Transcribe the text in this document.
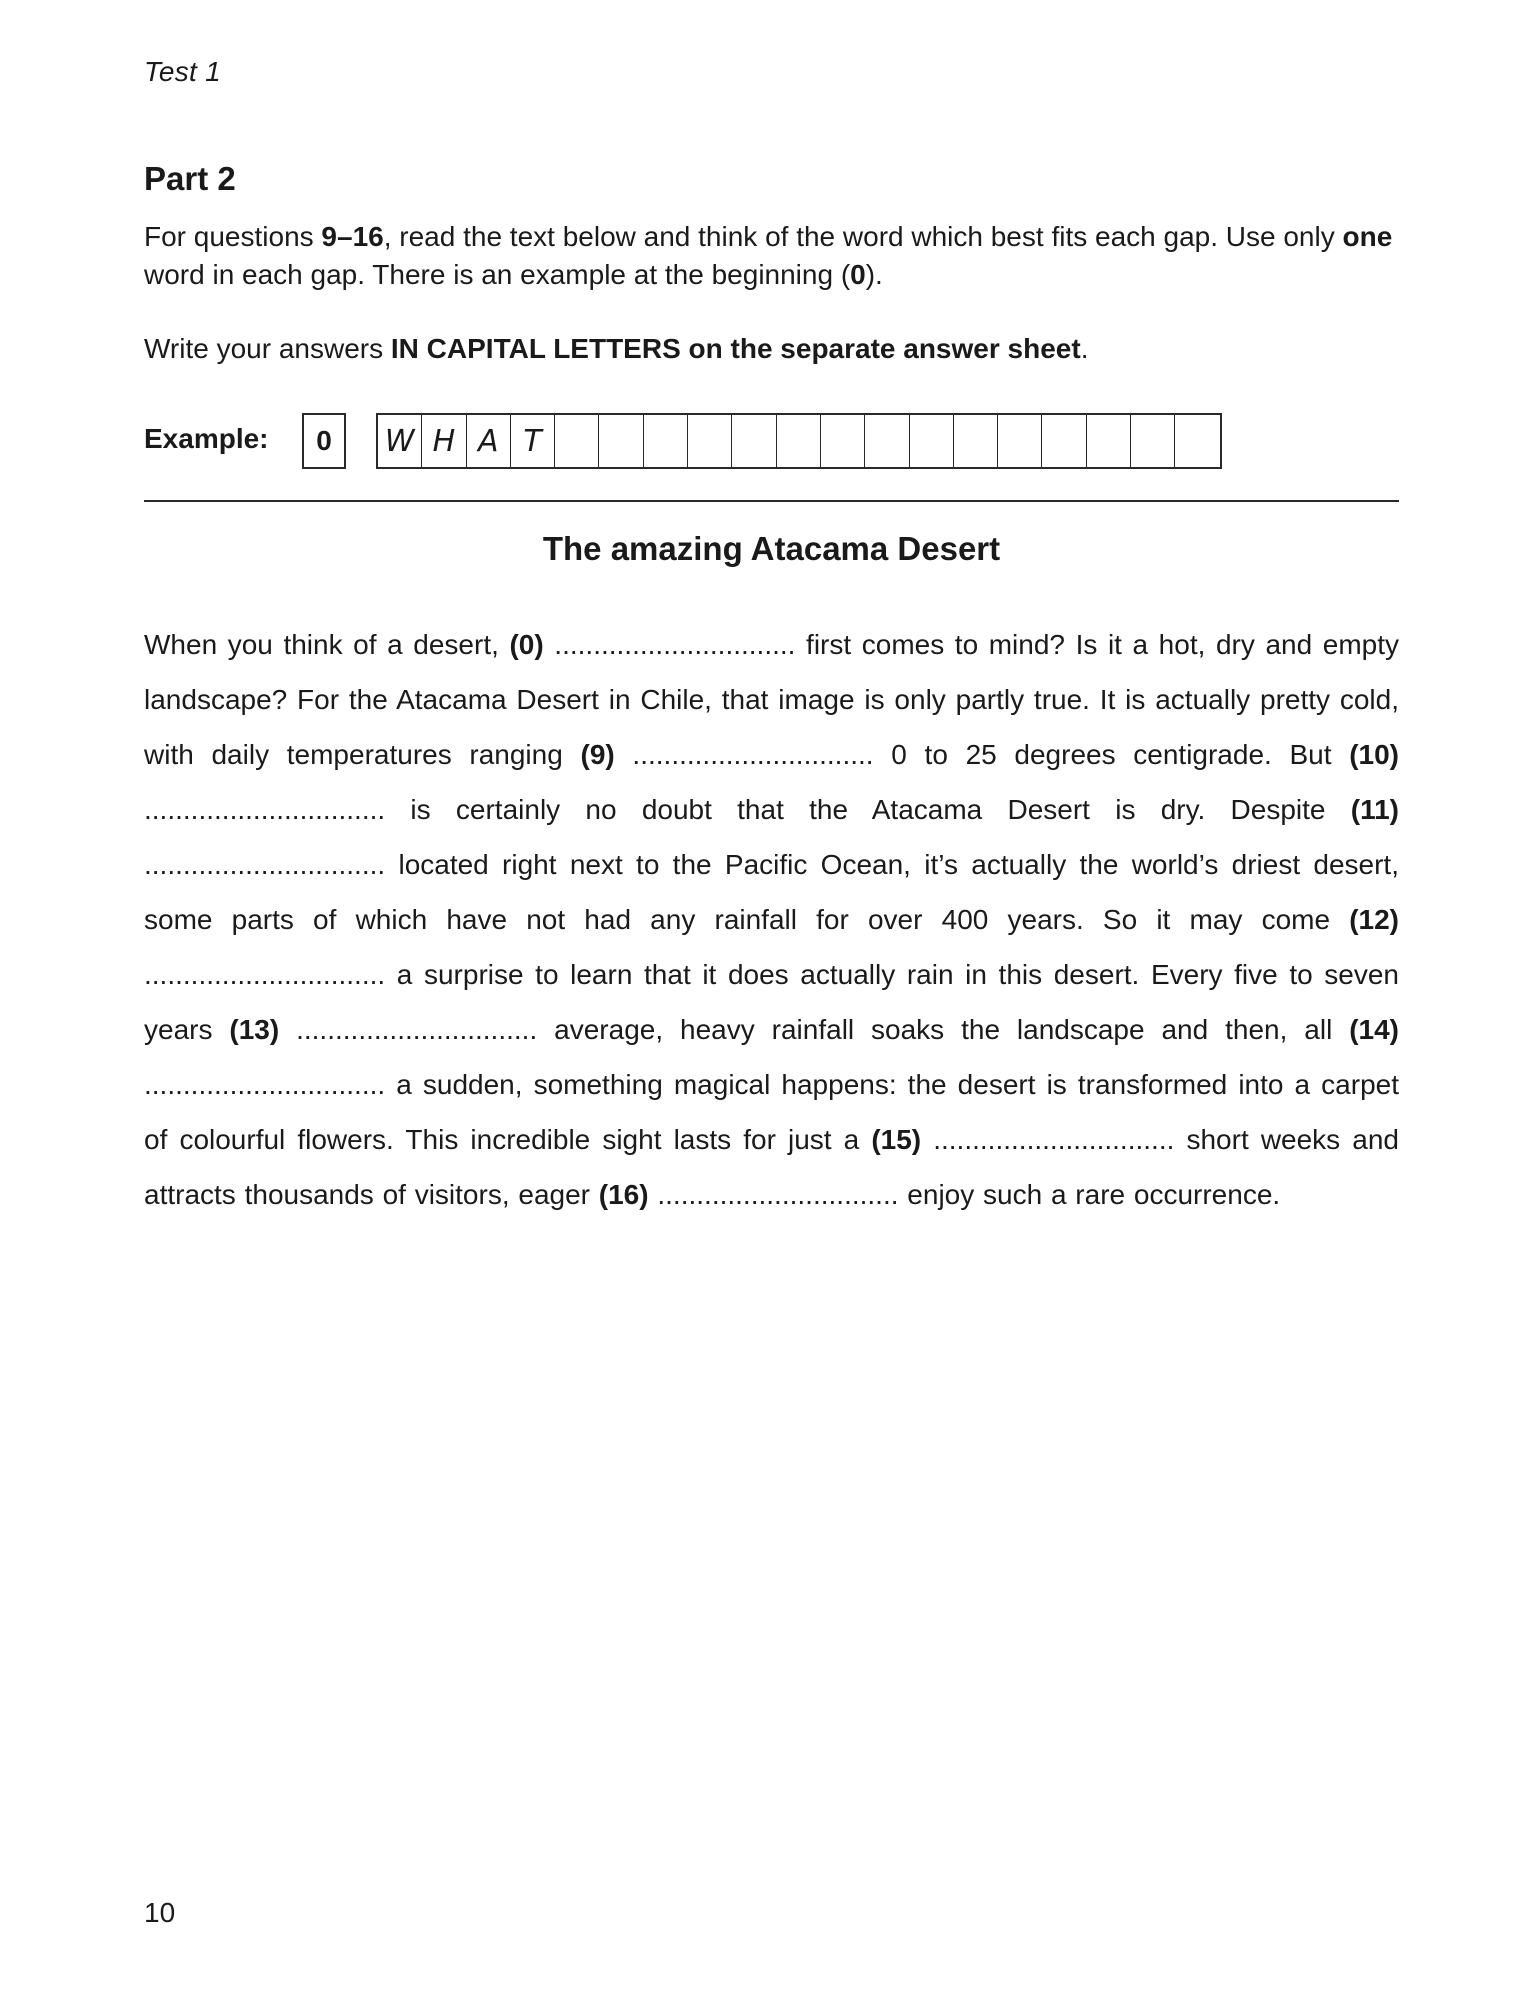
Test 1
Part 2

For questions 9–16, read the text below and think of the word which best fits each gap. Use only one word in each gap. There is an example at the beginning (0).

Write your answers IN CAPITAL LETTERS on the separate answer sheet.

Example:	0	W H A T
The amazing Atacama Desert

When you think of a desert, (0) ............................... first comes to mind? Is it a hot, dry and empty landscape? For the Atacama Desert in Chile, that image is only partly true. It is actually pretty cold, with daily temperatures ranging (9) ............................... 0 to 25 degrees centigrade. But (10) ............................... is certainly no doubt that the Atacama Desert is dry. Despite (11) ............................... located right next to the Pacific Ocean, it’s actually the world’s driest desert, some parts of which have not had any rainfall for over 400 years. So it may come (12) ............................... a surprise to learn that it does actually rain in this desert. Every five to seven years (13) ............................... average, heavy rainfall soaks the landscape and then, all (14) ............................... a sudden, something magical happens: the desert is transformed into a carpet of colourful flowers. This incredible sight lasts for just a (15) ............................... short weeks and attracts thousands of visitors, eager (16) ............................... enjoy such a rare occurrence.

10
